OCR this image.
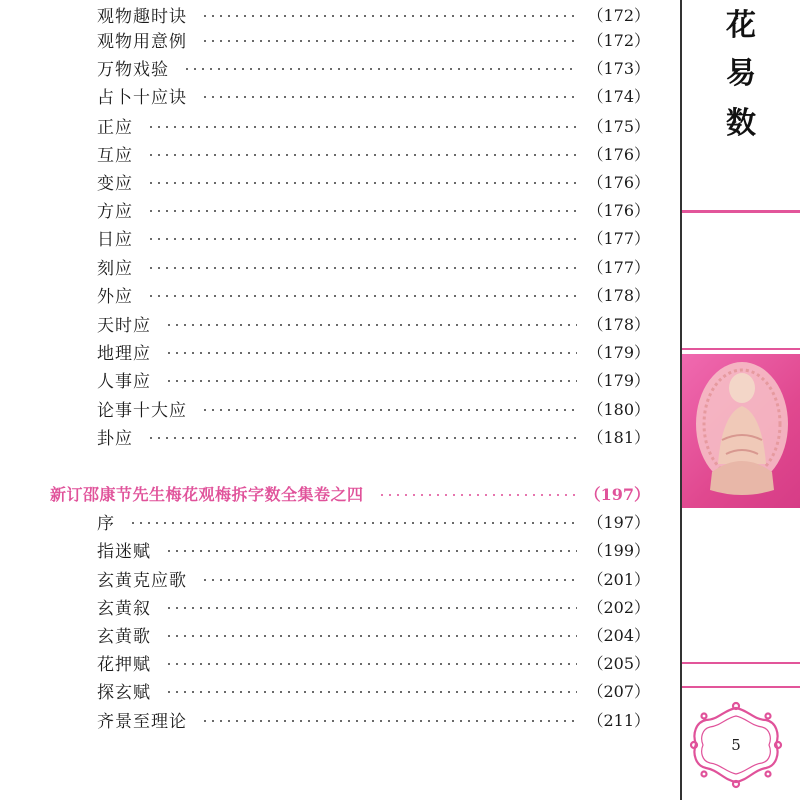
观物趣时诀	（172）
观物用意例	（172）
万物戏验	（173）
占卜十应诀	（174）
正应	（175）
互应	（176）
变应	（176）
方应	（176）
日应	（177）
刻应	（177）
外应	（178）
天时应	（178）
地理应	（179）
人事应	（179）
论事十大应	（180）
卦应	（181）
新订邵康节先生梅花观梅拆字数全集卷之四	（197）
序	（197）
指迷赋	（199）
玄黄克应歌	（201）
玄黄叙	（202）
玄黄歌	（204）
花押赋	（205）
探玄赋	（207）
齐景至理论	（211）
花
易
数
5
